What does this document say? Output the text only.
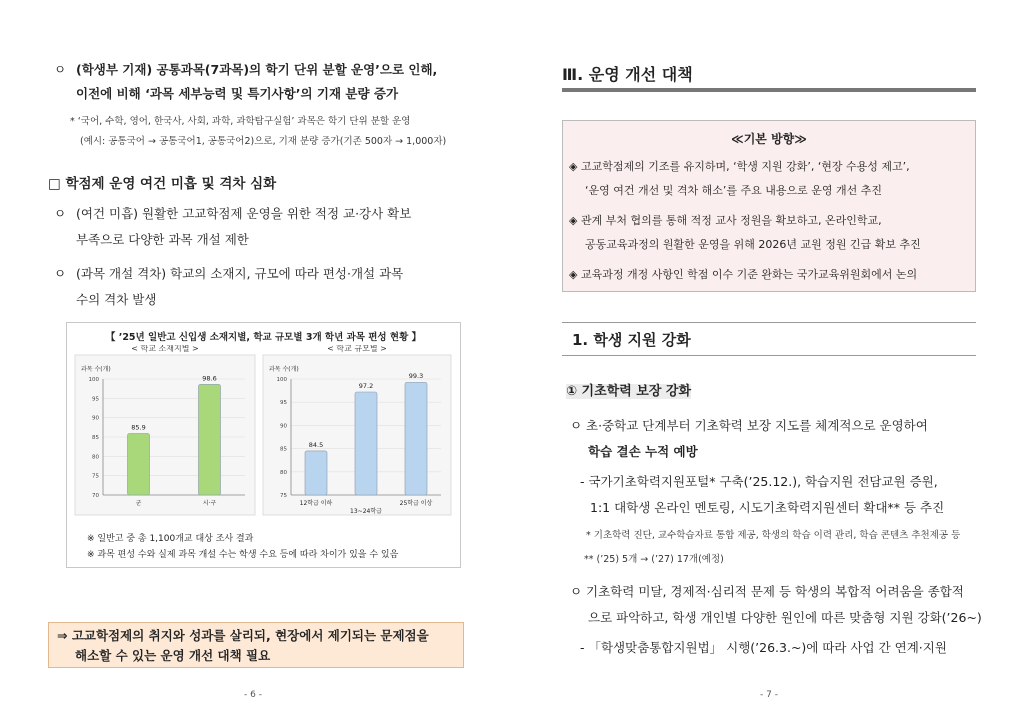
ㅇ (학생부 기재) 공통과목(7과목)의 학기 단위 분할 운영’으로 인해,
이전에 비해 ‘과목 세부능력 및 특기사항’의 기재 분량 증가
* ‘국어, 수학, 영어, 한국사, 사회, 과학, 과학탐구실험’ 과목은 학기 단위 분할 운영
(예시: 공통국어 → 공통국어1, 공통국어2)으로, 기재 분량 증가(기존 500자 → 1,000자)
□ 학점제 운영 여건 미흡 및 격차 심화
ㅇ (여건 미흡) 원활한 고교학점제 운영을 위한 적정 교·강사 확보
부족으로 다양한 과목 개설 제한
ㅇ (과목 개설 격차) 학교의 소재지, 규모에 따라 편성·개설 과목
수의 격차 발생
【 ’25년 일반고 신입생 소재지별, 학교 규모별 3개 학년 과목 편성 현황 】
< 학교 소재지별 >
과목 수(개)
70
75
80
85
90
95
100
85.9
군
98.6
시·구
< 학교 규모별 >
과목 수(개)
75
80
85
90
95
100
84.5
12학급 이하
97.2
13~24학급
99.3
25학급 이상
※ 일반고 중 총 1,100개교 대상 조사 결과
※ 과목 편성 수와 실제 과목 개설 수는 학생 수요 등에 따라 차이가 있을 수 있음
⇒ 고교학점제의 취지와 성과를 살리되, 현장에서 제기되는 문제점을
해소할 수 있는 운영 개선 대책 필요
- 6 -
Ⅲ. 운영 개선 대책
≪기본 방향≫
◈ 고교학점제의 기조를 유지하며, ‘학생 지원 강화’, ‘현장 수용성 제고’,
‘운영 여건 개선 및 격차 해소’를 주요 내용으로 운영 개선 추진
◈ 관계 부처 협의를 통해 적정 교사 정원을 확보하고, 온라인학교,
공동교육과정의 원활한 운영을 위해 2026년 교원 정원 긴급 확보 추진
◈ 교육과정 개정 사항인 학점 이수 기준 완화는 국가교육위원회에서 논의
1. 학생 지원 강화
① 기초학력 보장 강화
ㅇ 초·중학교 단계부터 기초학력 보장 지도를 체계적으로 운영하여
학습 결손 누적 예방
- 국가기초학력지원포털* 구축(’25.12.), 학습지원 전담교원 증원,
1:1 대학생 온라인 멘토링, 시도기초학력지원센터 확대** 등 추진
* 기초학력 진단, 교수학습자료 통합 제공, 학생의 학습 이력 관리, 학습 콘텐츠 추천제공 등
** (’25) 5개 → (’27) 17개(예정)
ㅇ 기초학력 미달, 경제적·심리적 문제 등 학생의 복합적 어려움을 종합적
으로 파악하고, 학생 개인별 다양한 원인에 따른 맞춤형 지원 강화(’26~)
- 「학생맞춤통합지원법」 시행(’26.3.~)에 따라 사업 간 연계·지원
- 7 -
